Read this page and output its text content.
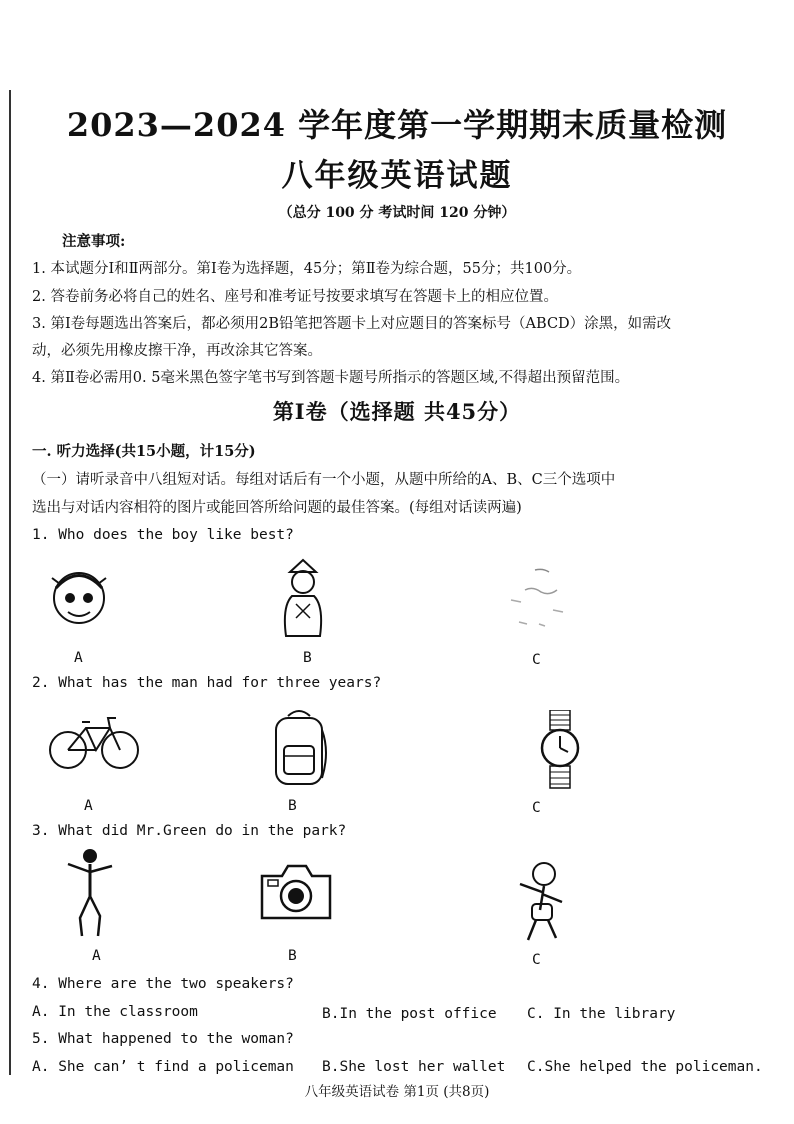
2023—2024 学年度第一学期期末质量检测
八年级英语试题
（总分 100 分 考试时间 120 分钟）
注意事项:
1. 本试题分Ⅰ和Ⅱ两部分。第Ⅰ卷为选择题，45分；第Ⅱ卷为综合题，55分；共100分。
2. 答卷前务必将自己的姓名、座号和准考证号按要求填写在答题卡上的相应位置。
3. 第Ⅰ卷每题选出答案后，都必须用2B铅笔把答题卡上对应题目的答案标号（ABCD）涂黑，如需改
动，必须先用橡皮擦干净，再改涂其它答案。
4. 第Ⅱ卷必需用0. 5毫米黑色签字笔书写到答题卡题号所指示的答题区域,不得超出预留范围。
第Ⅰ卷（选择题 共45分）
一. 听力选择(共15小题，计15分)
（一）请听录音中八组短对话。每组对话后有一个小题，从题中所给的A、B、C三个选项中
选出与对话内容相符的图片或能回答所给问题的最佳答案。(每组对话读两遍)
1. Who does the boy like best?
A	B	C
2. What has the man had for three years?
A	B	C
3. What did Mr.Green do in the park?
A	B	C
4. Where are the two speakers?
A. In the classroom	B.In the post office C. In the library
5. What happened to the woman?
A. She can’ t find a policeman B.She lost her wallet C.She helped the policeman.
八年级英语试卷 第1页 (共8页)
